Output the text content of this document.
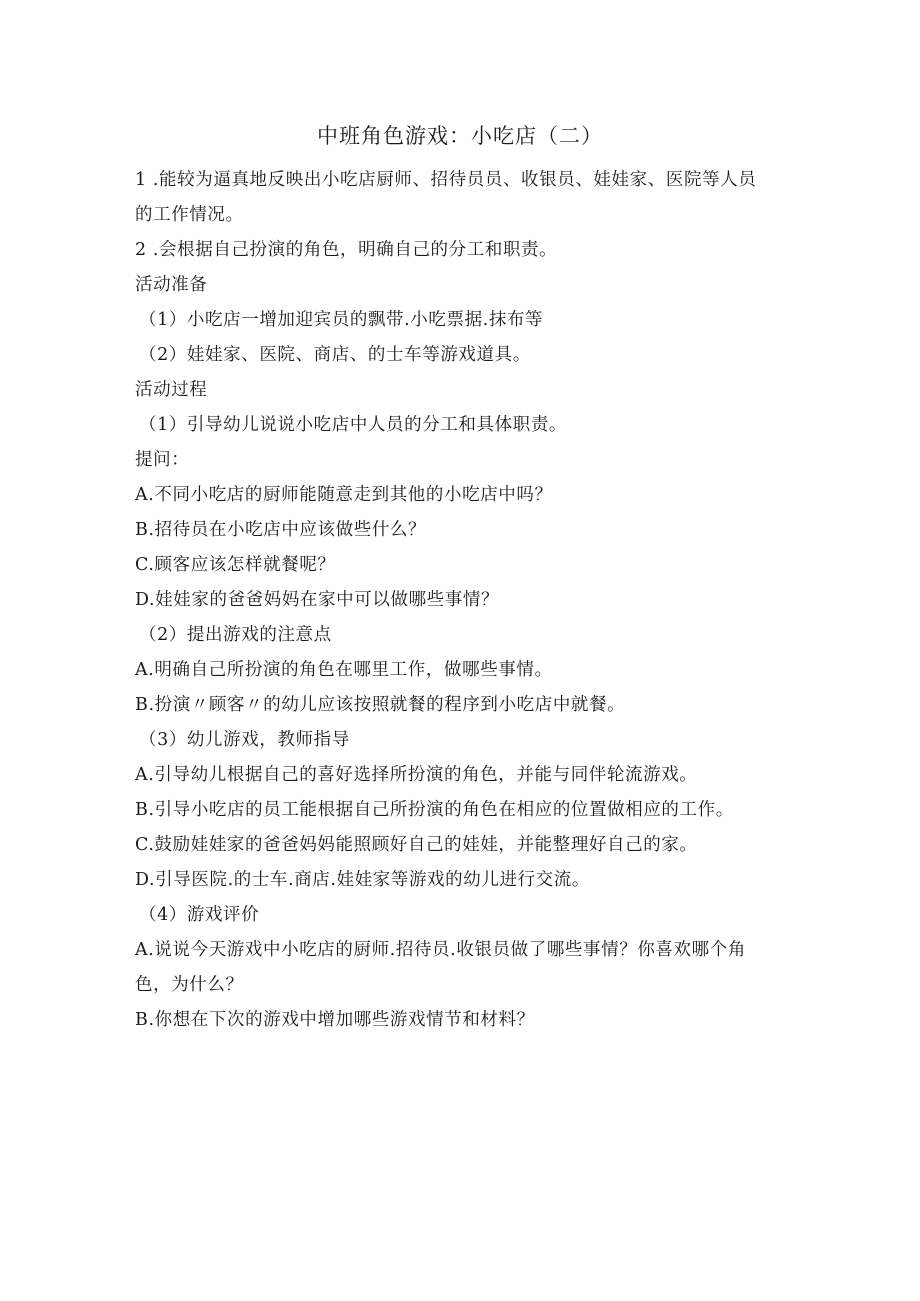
中班角色游戏：小吃店（二）
1 .能较为逼真地反映出小吃店厨师、招待员员、收银员、娃娃家、医院等人员
的工作情况。
2 .会根据自己扮演的角色，明确自己的分工和职责。
活动准备
（1）小吃店一增加迎宾员的飘带.小吃票据.抹布等
（2）娃娃家、医院、商店、的士车等游戏道具。
活动过程
（1）引导幼儿说说小吃店中人员的分工和具体职责。
提问：
A.不同小吃店的厨师能随意走到其他的小吃店中吗？
B.招待员在小吃店中应该做些什么？
C.顾客应该怎样就餐呢？
D.娃娃家的爸爸妈妈在家中可以做哪些事情？
（2）提出游戏的注意点
A.明确自己所扮演的角色在哪里工作，做哪些事情。
B.扮演〃顾客〃的幼儿应该按照就餐的程序到小吃店中就餐。
（3）幼儿游戏，教师指导
A.引导幼儿根据自己的喜好选择所扮演的角色，并能与同伴轮流游戏。
B.引导小吃店的员工能根据自己所扮演的角色在相应的位置做相应的工作。
C.鼓励娃娃家的爸爸妈妈能照顾好自己的娃娃，并能整理好自己的家。
D.引导医院.的士车.商店.娃娃家等游戏的幼儿进行交流。
（4）游戏评价
A.说说今天游戏中小吃店的厨师.招待员.收银员做了哪些事情？你喜欢哪个角
色，为什么？
B.你想在下次的游戏中增加哪些游戏情节和材料？
